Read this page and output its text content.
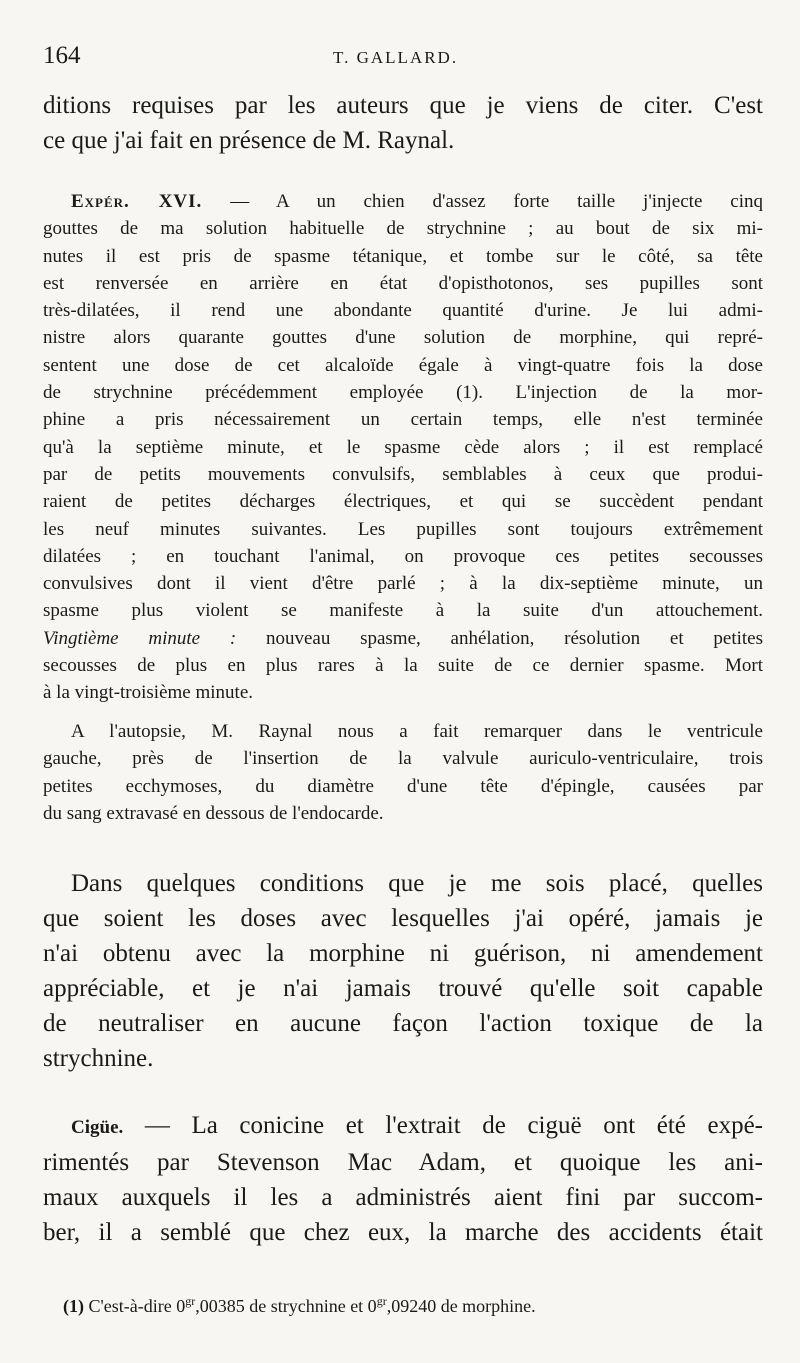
164	T. GALLARD.
ditions requises par les auteurs que je viens de citer. C'est
ce que j'ai fait en présence de M. Raynal.
Expér. XVI. — A un chien d'assez forte taille j'injecte cinq
gouttes de ma solution habituelle de strychnine ; au bout de six mi-
nutes il est pris de spasme tétanique, et tombe sur le côté, sa tête
est renversée en arrière en état d'opisthotonos, ses pupilles sont
très-dilatées, il rend une abondante quantité d'urine. Je lui admi-
nistre alors quarante gouttes d'une solution de morphine, qui repré-
sentent une dose de cet alcaloïde égale à vingt-quatre fois la dose
de strychnine précédemment employée (1). L'injection de la mor-
phine a pris nécessairement un certain temps, elle n'est terminée
qu'à la septième minute, et le spasme cède alors ; il est remplacé
par de petits mouvements convulsifs, semblables à ceux que produi-
raient de petites décharges électriques, et qui se succèdent pendant
les neuf minutes suivantes. Les pupilles sont toujours extrêmement
dilatées ; en touchant l'animal, on provoque ces petites secousses
convulsives dont il vient d'être parlé ; à la dix-septième minute, un
spasme plus violent se manifeste à la suite d'un attouchement.
Vingtième minute : nouveau spasme, anhélation, résolution et petites
secousses de plus en plus rares à la suite de ce dernier spasme. Mort
à la vingt-troisième minute.
A l'autopsie, M. Raynal nous a fait remarquer dans le ventricule
gauche, près de l'insertion de la valvule auriculo-ventriculaire, trois
petites ecchymoses, du diamètre d'une tête d'épingle, causées par
du sang extravasé en dessous de l'endocarde.
Dans quelques conditions que je me sois placé, quelles
que soient les doses avec lesquelles j'ai opéré, jamais je
n'ai obtenu avec la morphine ni guérison, ni amendement
appréciable, et je n'ai jamais trouvé qu'elle soit capable
de neutraliser en aucune façon l'action toxique de la
strychnine.
Cigüe. — La conicine et l'extrait de ciguë ont été expé-
rimentés par Stevenson Mac Adam, et quoique les ani-
maux auxquels il les a administrés aient fini par succom-
ber, il a semblé que chez eux, la marche des accidents était
(1) C'est-à-dire $0^{gr},00385$ de strychnine et $0^{gr},09240$ de morphine.
